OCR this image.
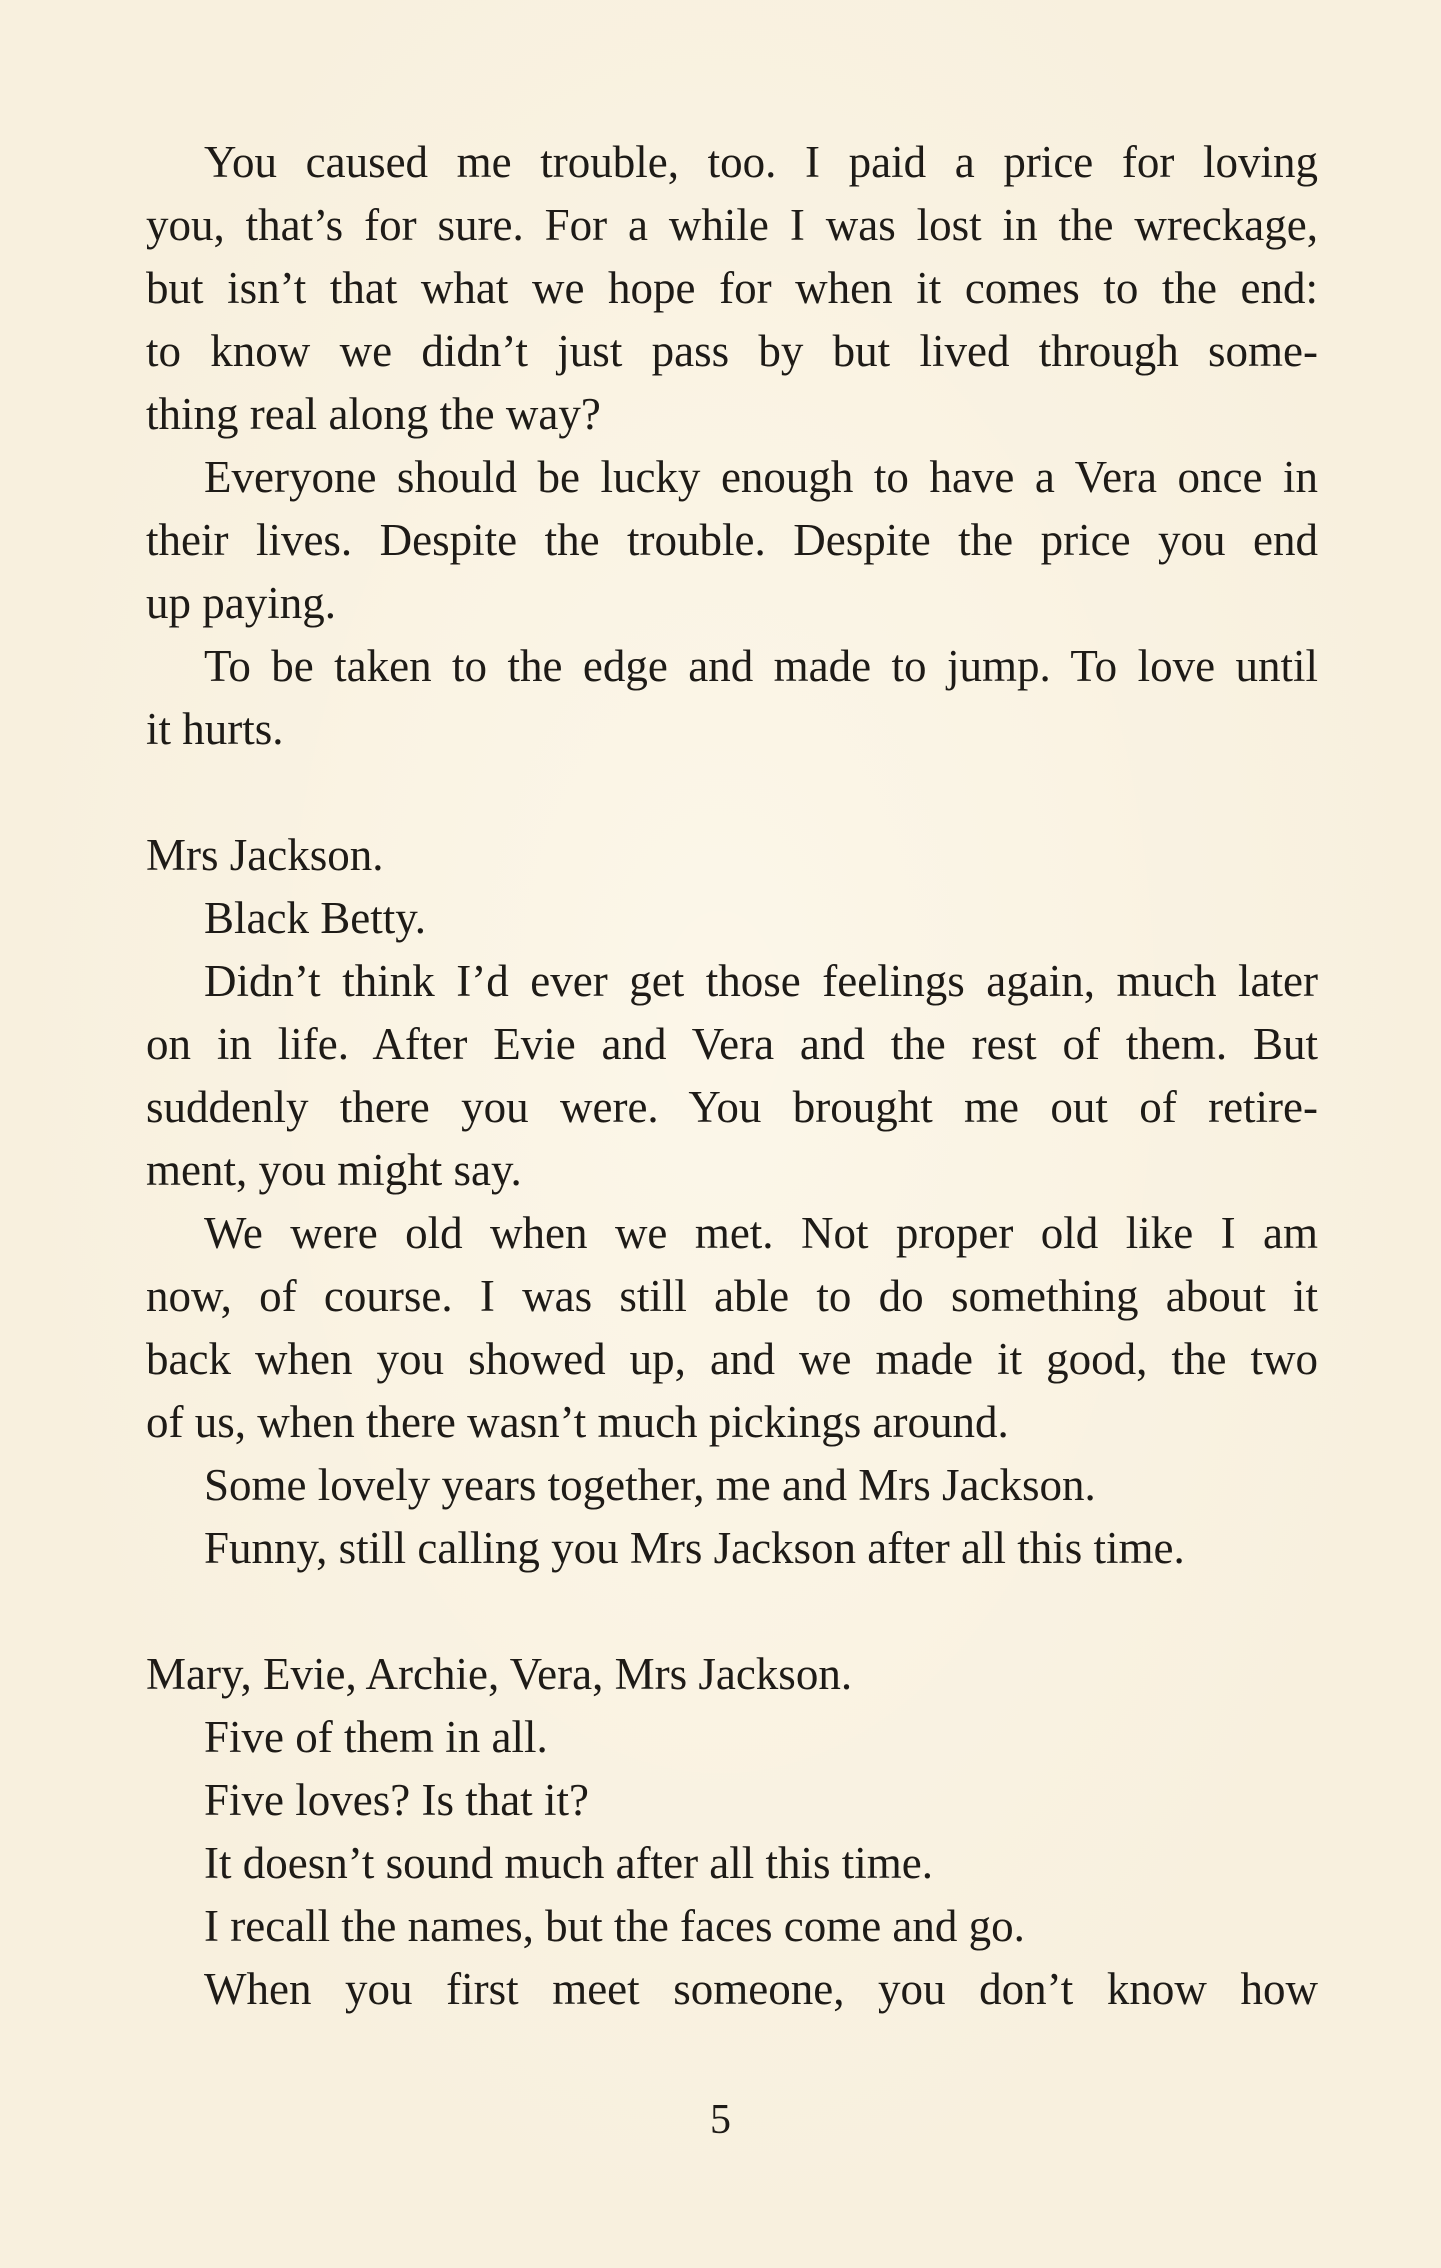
You caused me trouble, too. I paid a price for loving
you, that’s for sure. For a while I was lost in the wreckage,
but isn’t that what we hope for when it comes to the end:
to know we didn’t just pass by but lived through some-
thing real along the way?
Everyone should be lucky enough to have a Vera once in
their lives. Despite the trouble. Despite the price you end
up paying.
To be taken to the edge and made to jump. To love until
it hurts.
Mrs Jackson.
Black Betty.
Didn’t think I’d ever get those feelings again, much later
on in life. After Evie and Vera and the rest of them. But
suddenly there you were. You brought me out of retire-
ment, you might say.
We were old when we met. Not proper old like I am
now, of course. I was still able to do something about it
back when you showed up, and we made it good, the two
of us, when there wasn’t much pickings around.
Some lovely years together, me and Mrs Jackson.
Funny, still calling you Mrs Jackson after all this time.
Mary, Evie, Archie, Vera, Mrs Jackson.
Five of them in all.
Five loves? Is that it?
It doesn’t sound much after all this time.
I recall the names, but the faces come and go.
When you first meet someone, you don’t know how
5
